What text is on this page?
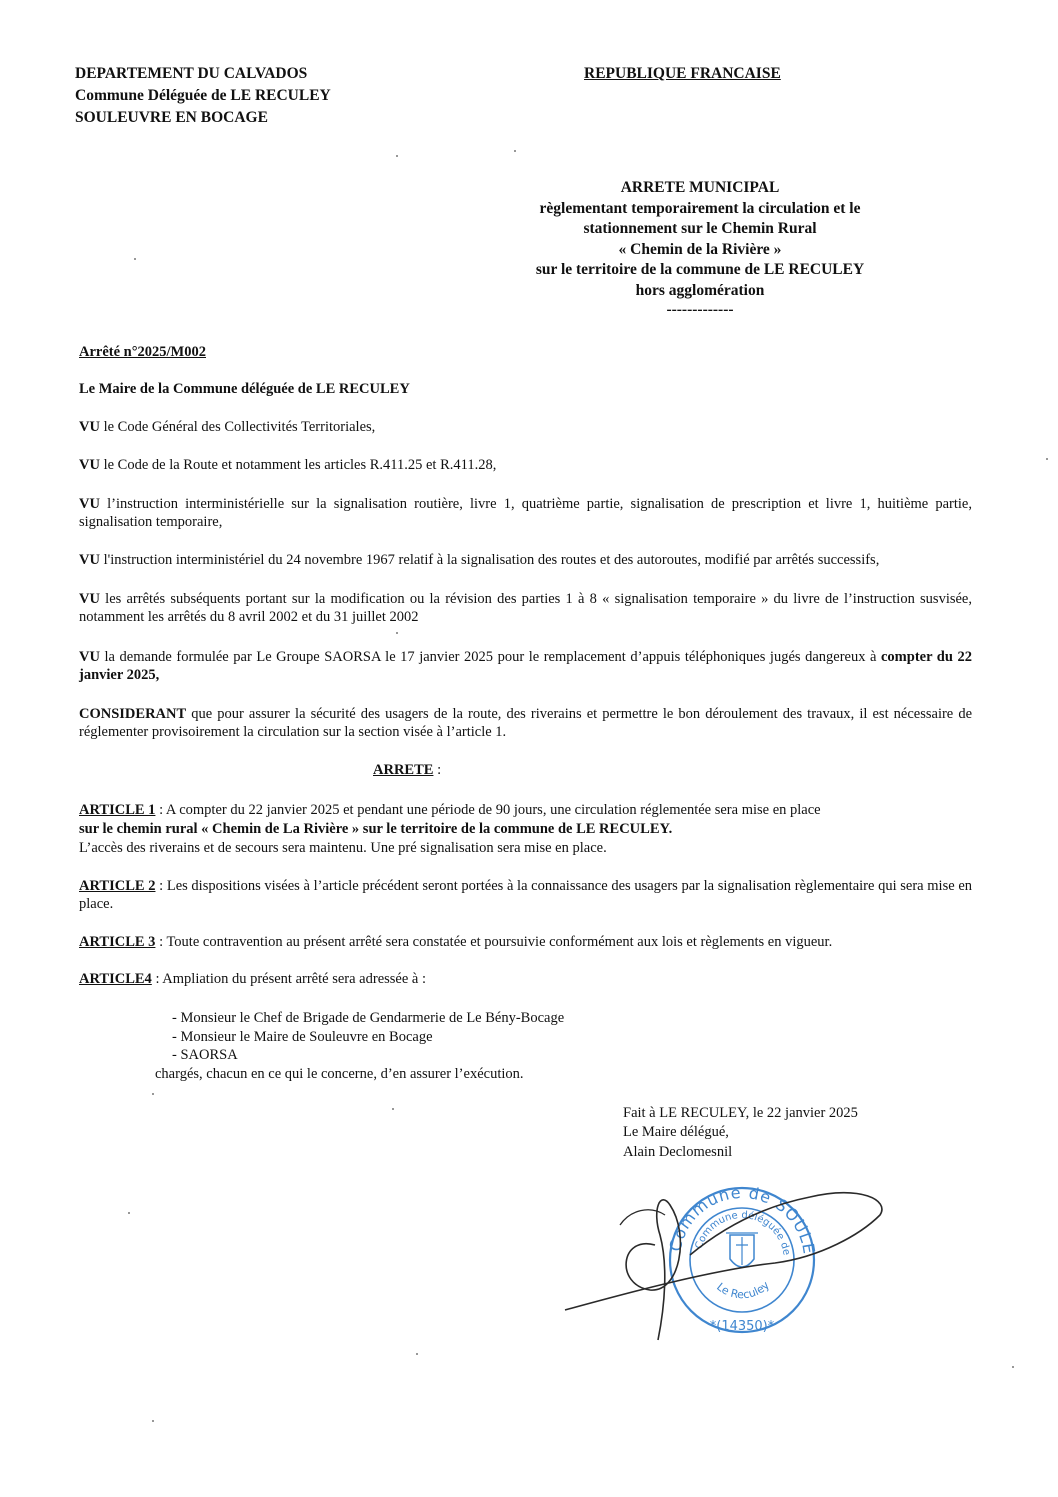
DEPARTEMENT DU CALVADOS
Commune Déléguée de LE RECULEY
SOULEUVRE EN BOCAGE
REPUBLIQUE FRANCAISE
ARRETE MUNICIPAL
règlementant temporairement la circulation et le
stationnement sur le Chemin Rural
« Chemin de la Rivière »
sur le territoire de la commune de LE RECULEY
hors agglomération
-------------
Arrêté n°2025/M002
Le Maire de la Commune déléguée de LE RECULEY
VU le Code Général des Collectivités Territoriales,
VU le Code de la Route et notamment les articles R.411.25 et R.411.28,
VU l’instruction interministérielle sur la signalisation routière, livre 1, quatrième partie, signalisation de prescription et livre 1, huitième partie, signalisation temporaire,
VU l'instruction interministériel du 24 novembre 1967 relatif à la signalisation des routes et des autoroutes, modifié par arrêtés successifs,
VU les arrêtés subséquents portant sur la modification ou la révision des parties 1 à 8 « signalisation temporaire » du livre de l’instruction susvisée, notamment les arrêtés du 8 avril 2002 et du 31 juillet 2002
VU la demande formulée par Le Groupe SAORSA le 17 janvier 2025 pour le remplacement d’appuis téléphoniques jugés dangereux à compter du 22 janvier 2025,
CONSIDERANT que pour assurer la sécurité des usagers de la route, des riverains et permettre le bon déroulement des travaux, il est nécessaire de réglementer provisoirement la circulation sur la section visée à l’article 1.
ARRETE :
ARTICLE 1 : A compter du 22 janvier 2025 et pendant une période de 90 jours, une circulation réglementée sera mise en place
sur le chemin rural « Chemin de La Rivière » sur le territoire de la commune de LE RECULEY.
L’accès des riverains et de secours sera maintenu. Une pré signalisation sera mise en place.
ARTICLE 2 : Les dispositions visées à l’article précédent seront portées à la connaissance des usagers par la signalisation règlementaire qui sera mise en place.
ARTICLE 3 : Toute contravention au présent arrêté sera constatée et poursuivie conformément aux lois et règlements en vigueur.
ARTICLE4 : Ampliation du présent arrêté sera adressée à :
- Monsieur le Chef de Brigade de Gendarmerie de Le Bény-Bocage
- Monsieur le Maire de Souleuvre en Bocage
- SAORSA
chargés, chacun en ce qui le concerne, d’en assurer l’exécution.
Fait à LE RECULEY, le 22 janvier 2025
Le Maire délégué,
Alain Declomesnil
Commune de SOULE
Commune déléguée de
Le Reculey
*(14350)*
